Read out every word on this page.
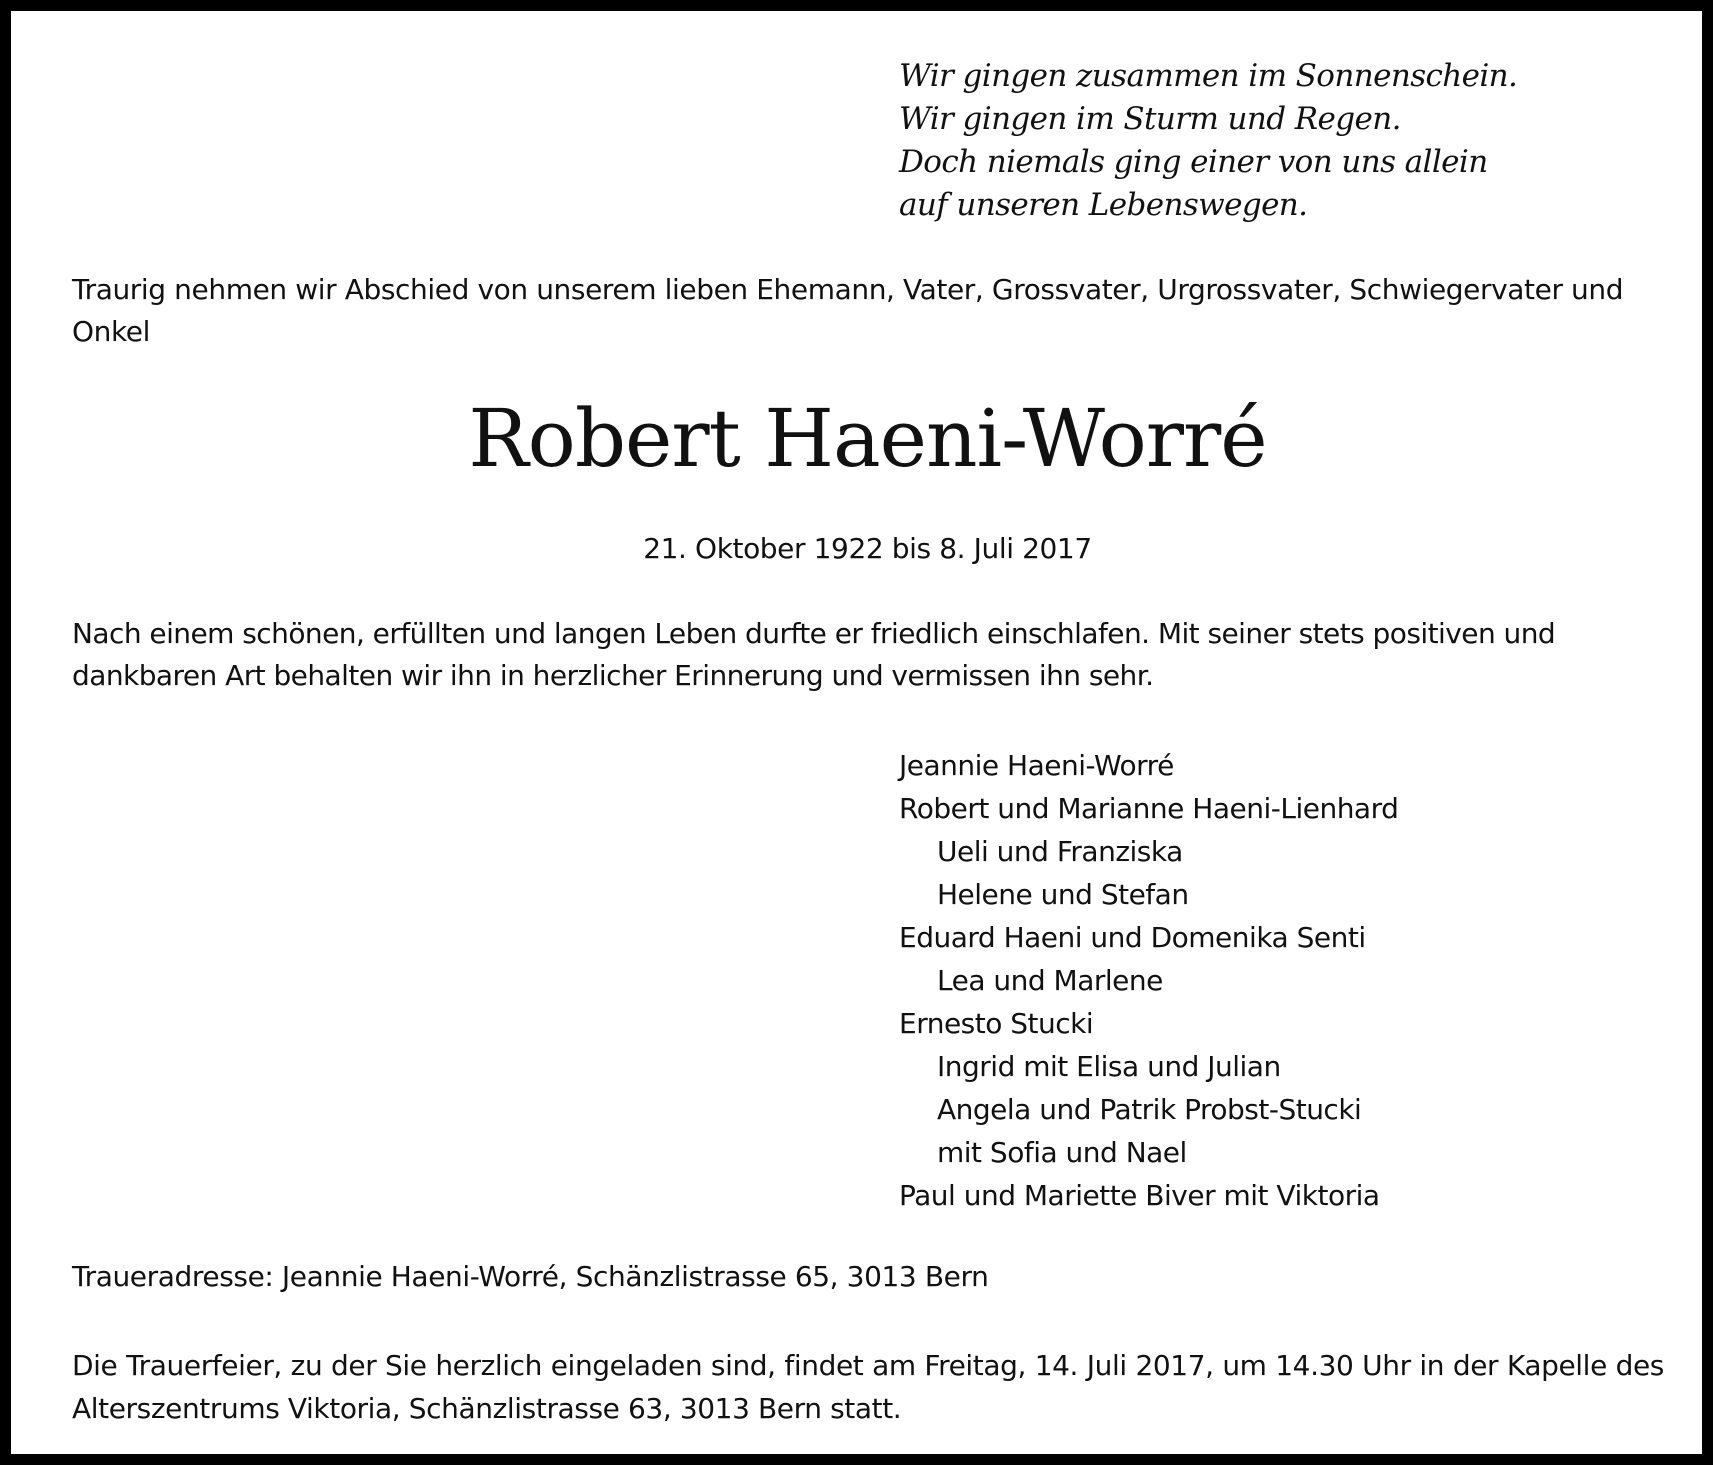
Wir gingen zusammen im Sonnenschein.
Wir gingen im Sturm und Regen.
Doch niemals ging einer von uns allein
auf unseren Lebenswegen.

Traurig nehmen wir Abschied von unserem lieben Ehemann, Vater, Grossvater, Urgrossvater, Schwiegervater und Onkel

Robert Haeni-Worré
21. Oktober 1922 bis 8. Juli 2017

Nach einem schönen, erfüllten und langen Leben durfte er friedlich einschlafen. Mit seiner stets positiven und dankbaren Art behalten wir ihn in herzlicher Erinnerung und vermissen ihn sehr.

Jeannie Haeni-Worré
Robert und Marianne Haeni-Lienhard
Ueli und Franziska
Helene und Stefan
Eduard Haeni und Domenika Senti
Lea und Marlene
Ernesto Stucki
Ingrid mit Elisa und Julian
Angela und Patrik Probst-Stucki
mit Sofia und Nael
Paul und Mariette Biver mit Viktoria
Traueradresse: Jeannie Haeni-Worré, Schänzlistrasse 65, 3013 Bern

Die Trauerfeier, zu der Sie herzlich eingeladen sind, findet am Freitag, 14. Juli 2017, um 14.30 Uhr in der Kapelle des Alterszentrums Viktoria, Schänzlistrasse 63, 3013 Bern statt.
